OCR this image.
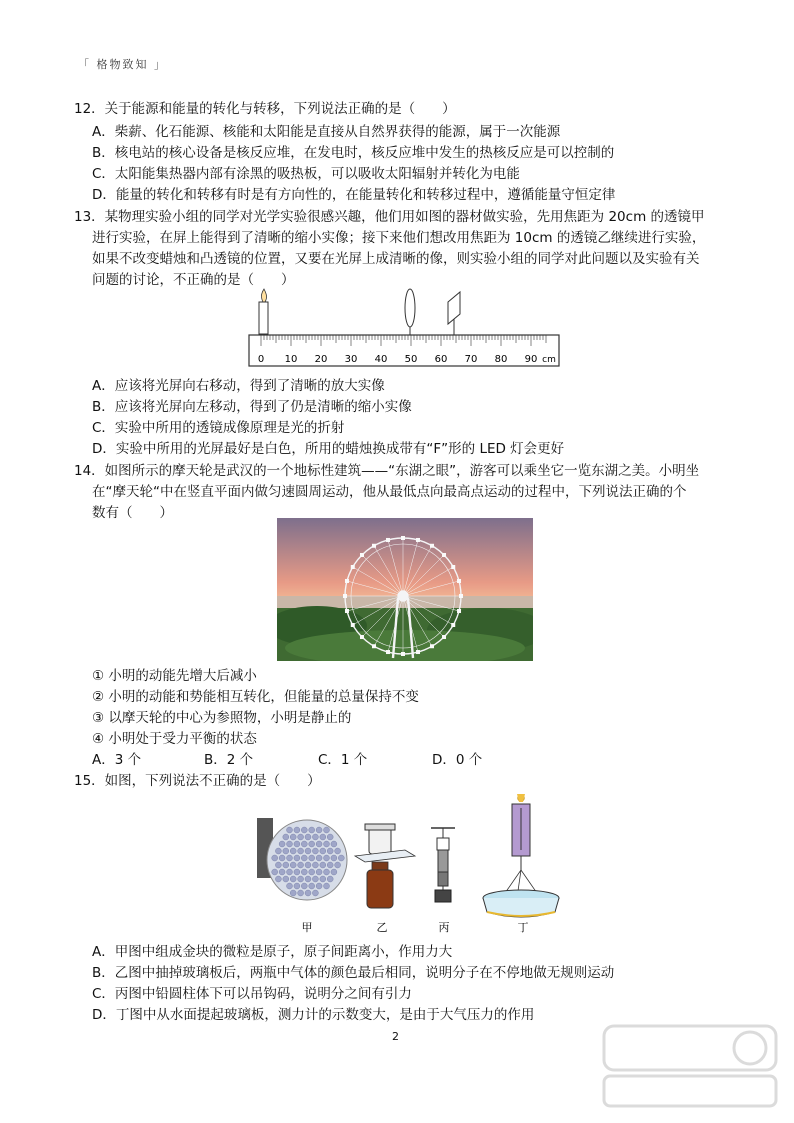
「 格物致知 」
12．关于能源和能量的转化与转移，下列说法正确的是（　　）
A．柴薪、化石能源、核能和太阳能是直接从自然界获得的能源，属于一次能源
B．核电站的核心设备是核反应堆，在发电时，核反应堆中发生的热核反应是可以控制的
C．太阳能集热器内部有涂黑的吸热板，可以吸收太阳辐射并转化为电能
D．能量的转化和转移有时是有方向性的，在能量转化和转移过程中，遵循能量守恒定律
13．某物理实验小组的同学对光学实验很感兴趣，他们用如图的器材做实验，先用焦距为 20cm 的透镜甲
进行实验，在屏上能得到了清晰的缩小实像；接下来他们想改用焦距为 10cm 的透镜乙继续进行实验，
如果不改变蜡烛和凸透镜的位置，又要在光屏上成清晰的像，则实验小组的同学对此问题以及实验有关
问题的讨论，不正确的是（　　）
0 10 20 30 40 50 60 70 80 90 cm
A．应该将光屏向右移动，得到了清晰的放大实像
B．应该将光屏向左移动，得到了仍是清晰的缩小实像
C．实验中所用的透镜成像原理是光的折射
D．实验中所用的光屏最好是白色，所用的蜡烛换成带有“F”形的 LED 灯会更好
14．如图所示的摩天轮是武汉的一个地标性建筑——“东湖之眼”，游客可以乘坐它一览东湖之美。小明坐
在“摩天轮“中在竖直平面内做匀速圆周运动，他从最低点向最高点运动的过程中，下列说法正确的个
数有（　　）
① 小明的动能先增大后减小
② 小明的动能和势能相互转化，但能量的总量保持不变
③ 以摩天轮的中心为参照物，小明是静止的
④ 小明处于受力平衡的状态
A．3 个	B．2 个	C．1 个	D．0 个
15．如图，下列说法不正确的是（　　）
甲	乙	丙	丁
A．甲图中组成金块的微粒是原子，原子间距离小，作用力大
B．乙图中抽掉玻璃板后，两瓶中气体的颜色最后相同，说明分子在不停地做无规则运动
C．丙图中铅圆柱体下可以吊钩码，说明分之间有引力
D．丁图中从水面提起玻璃板，测力计的示数变大，是由于大气压力的作用
2
